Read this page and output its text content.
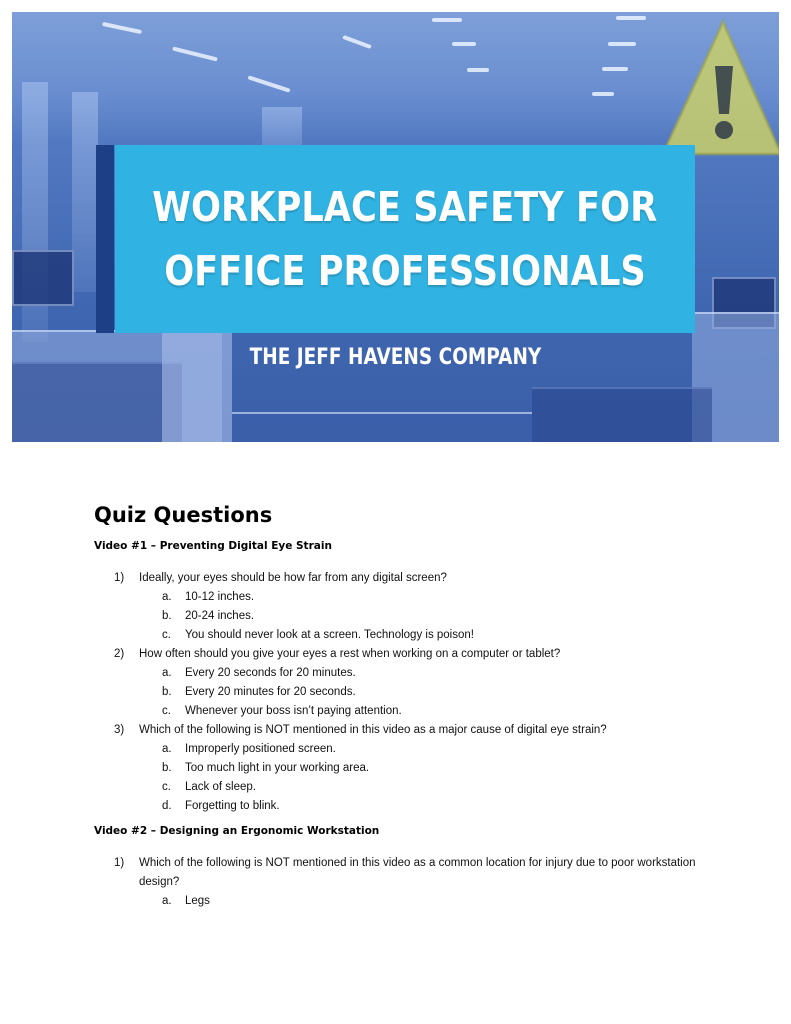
WORKPLACE SAFETY FOR
OFFICE PROFESSIONALS
THE JEFF HAVENS COMPANY
Quiz Questions
Video #1 – Preventing Digital Eye Strain
1) Ideally, your eyes should be how far from any digital screen?
a. 10-12 inches.
b. 20-24 inches.
c. You should never look at a screen. Technology is poison!
2) How often should you give your eyes a rest when working on a computer or tablet?
a. Every 20 seconds for 20 minutes.
b. Every 20 minutes for 20 seconds.
c. Whenever your boss isn’t paying attention.
3) Which of the following is NOT mentioned in this video as a major cause of digital eye strain?
a. Improperly positioned screen.
b. Too much light in your working area.
c. Lack of sleep.
d. Forgetting to blink.
Video #2 – Designing an Ergonomic Workstation
1) Which of the following is NOT mentioned in this video as a common location for injury due to poor workstation design?
a. Legs
